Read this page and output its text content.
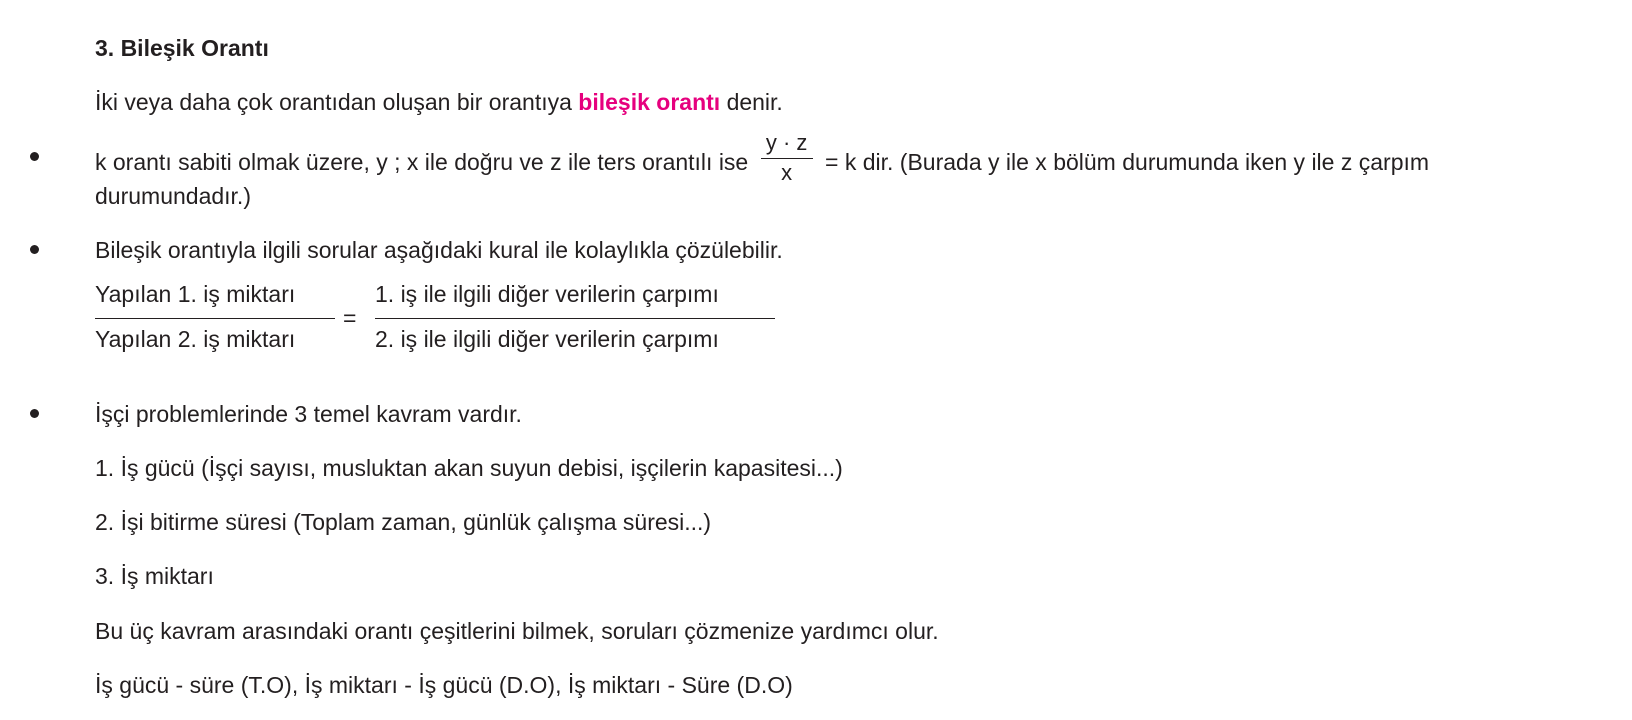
3. Bileşik Orantı
İki veya daha çok orantıdan oluşan bir orantıya bileşik orantı denir.
k orantı sabiti olmak üzere, y ; x ile doğru ve z ile ters orantılı ise $\frac{y \cdot z}{x} = k$ dir. (Burada y ile x bölüm durumunda iken y ile z çarpım
durumundadır.)
Bileşik orantıyla ilgili sorular aşağıdaki kural ile kolaylıkla çözülebilir.
Yapılan 1. iş miktarı
Yapılan 2. iş miktarı
=
1. iş ile ilgili diğer verilerin çarpımı
2. iş ile ilgili diğer verilerin çarpımı
İşçi problemlerinde 3 temel kavram vardır.
1. İş gücü (İşçi sayısı, musluktan akan suyun debisi, işçilerin kapasitesi...)
2. İşi bitirme süresi (Toplam zaman, günlük çalışma süresi...)
3. İş miktarı
Bu üç kavram arasındaki orantı çeşitlerini bilmek, soruları çözmenize yardımcı olur.
İş gücü - süre (T.O), İş miktarı - İş gücü (D.O), İş miktarı - Süre (D.O)
